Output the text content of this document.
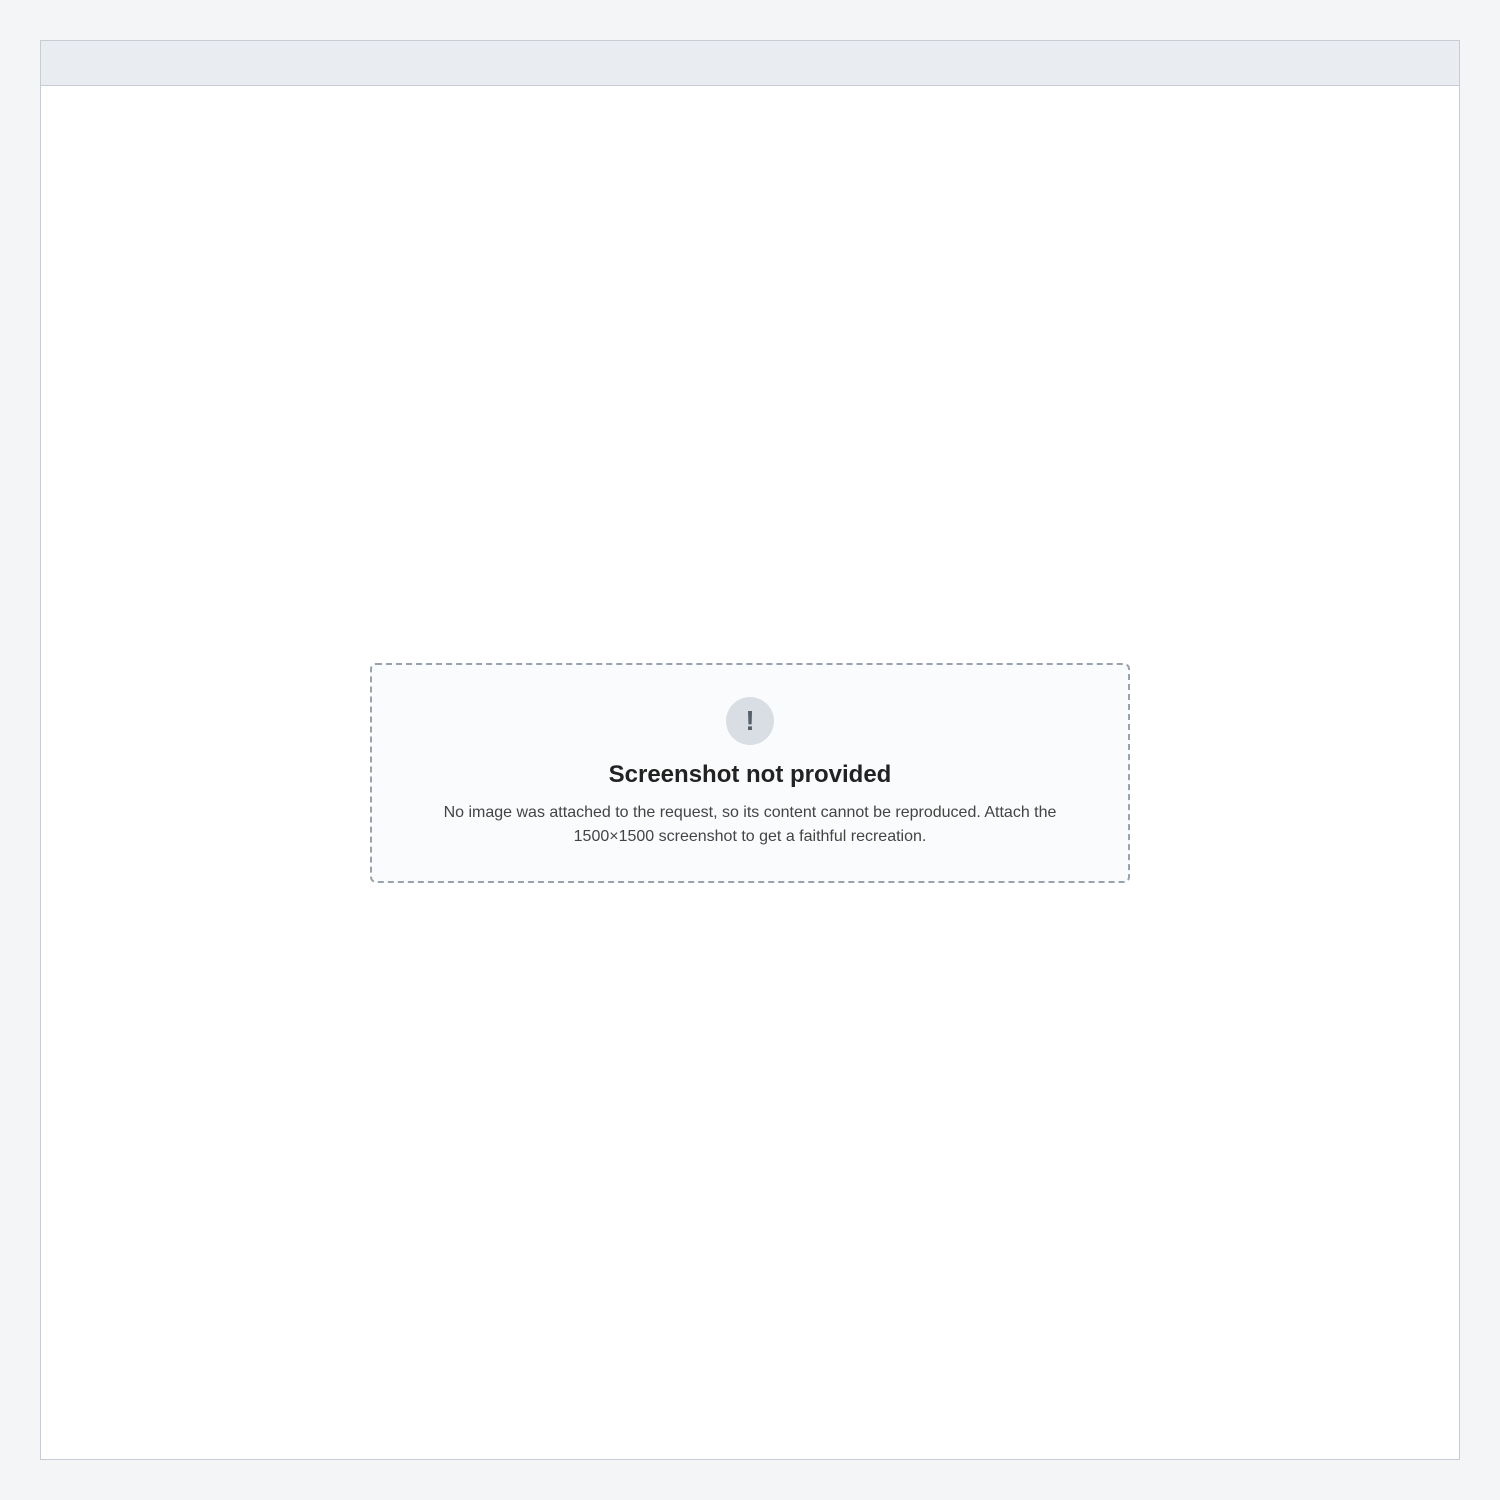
!

Screenshot not provided

No image was attached to the request, so its content cannot be reproduced. Attach the 1500×1500 screenshot to get a faithful recreation.
